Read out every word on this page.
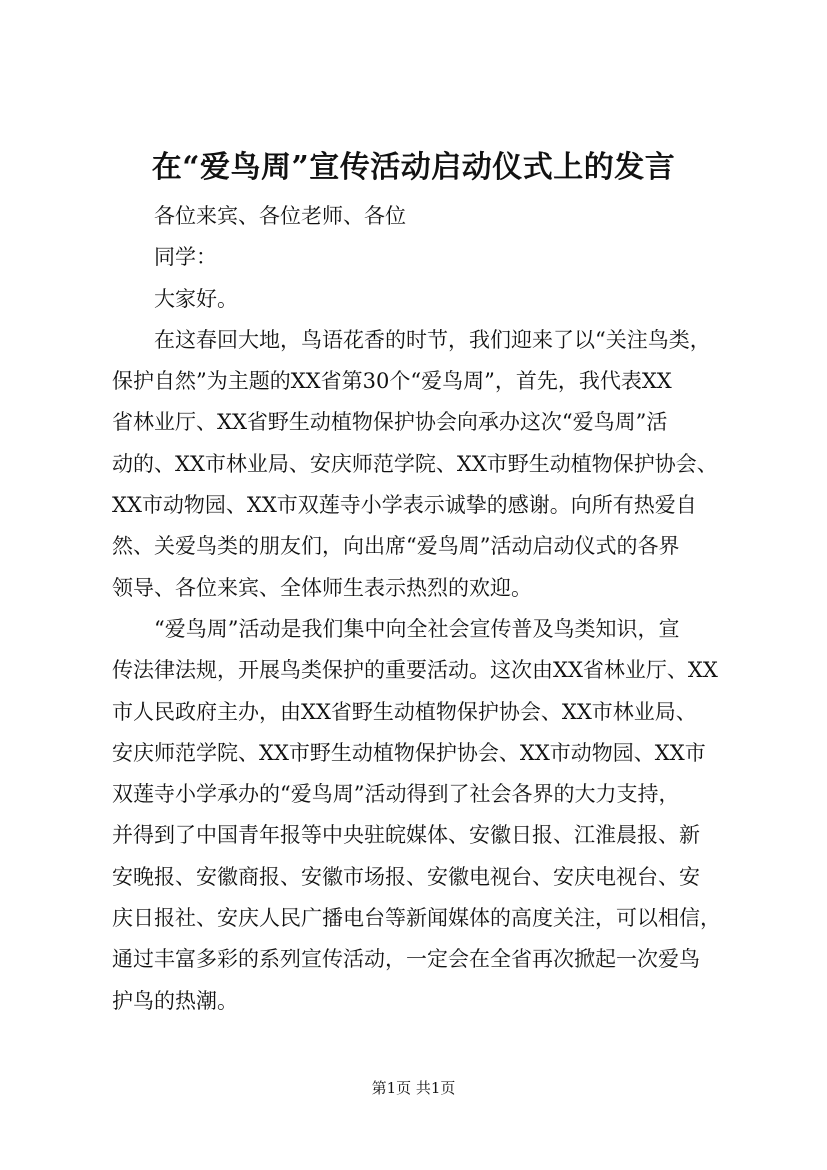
在“爱鸟周”宣传活动启动仪式上的发言
各位来宾、各位老师、各位
同学：
大家好。
在这春回大地，鸟语花香的时节，我们迎来了以“关注鸟类，
保护自然”为主题的XX省第30个“爱鸟周”，首先，我代表XX
省林业厅、XX省野生动植物保护协会向承办这次“爱鸟周”活
动的、XX市林业局、安庆师范学院、XX市野生动植物保护协会、
XX市动物园、XX市双莲寺小学表示诚挚的感谢。向所有热爱自
然、关爱鸟类的朋友们，向出席“爱鸟周”活动启动仪式的各界
领导、各位来宾、全体师生表示热烈的欢迎。
“爱鸟周”活动是我们集中向全社会宣传普及鸟类知识，宣
传法律法规，开展鸟类保护的重要活动。这次由XX省林业厅、XX
市人民政府主办，由XX省野生动植物保护协会、XX市林业局、
安庆师范学院、XX市野生动植物保护协会、XX市动物园、XX市
双莲寺小学承办的“爱鸟周”活动得到了社会各界的大力支持，
并得到了中国青年报等中央驻皖媒体、安徽日报、江淮晨报、新
安晚报、安徽商报、安徽市场报、安徽电视台、安庆电视台、安
庆日报社、安庆人民广播电台等新闻媒体的高度关注，可以相信，
通过丰富多彩的系列宣传活动，一定会在全省再次掀起一次爱鸟
护鸟的热潮。
第1页 共1页
